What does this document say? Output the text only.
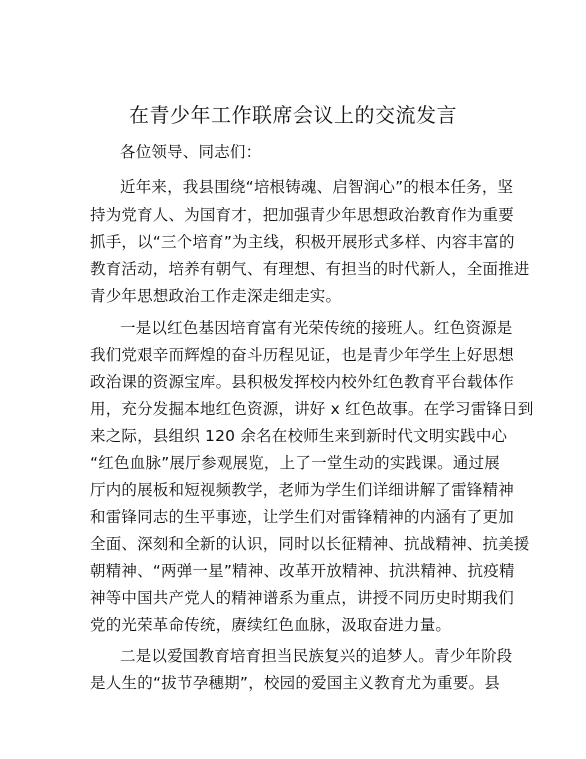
在青少年工作联席会议上的交流发言
各位领导、同志们：
近年来，我县围绕“培根铸魂、启智润心”的根本任务，坚
持为党育人、为国育才，把加强青少年思想政治教育作为重要
抓手，以“三个培育”为主线，积极开展形式多样、内容丰富的
教育活动，培养有朝气、有理想、有担当的时代新人，全面推进
青少年思想政治工作走深走细走实。
一是以红色基因培育富有光荣传统的接班人。红色资源是
我们党艰辛而辉煌的奋斗历程见证，也是青少年学生上好思想
政治课的资源宝库。县积极发挥校内校外红色教育平台载体作
用，充分发掘本地红色资源，讲好 x 红色故事。在学习雷锋日到
来之际，县组织 120 余名在校师生来到新时代文明实践中心
“红色血脉”展厅参观展览，上了一堂生动的实践课。通过展
厅内的展板和短视频教学，老师为学生们详细讲解了雷锋精神
和雷锋同志的生平事迹，让学生们对雷锋精神的内涵有了更加
全面、深刻和全新的认识，同时以长征精神、抗战精神、抗美援
朝精神、“两弹一星”精神、改革开放精神、抗洪精神、抗疫精
神等中国共产党人的精神谱系为重点，讲授不同历史时期我们
党的光荣革命传统，赓续红色血脉，汲取奋进力量。
二是以爱国教育培育担当民族复兴的追梦人。青少年阶段
是人生的“拔节孕穗期”，校园的爱国主义教育尤为重要。县
